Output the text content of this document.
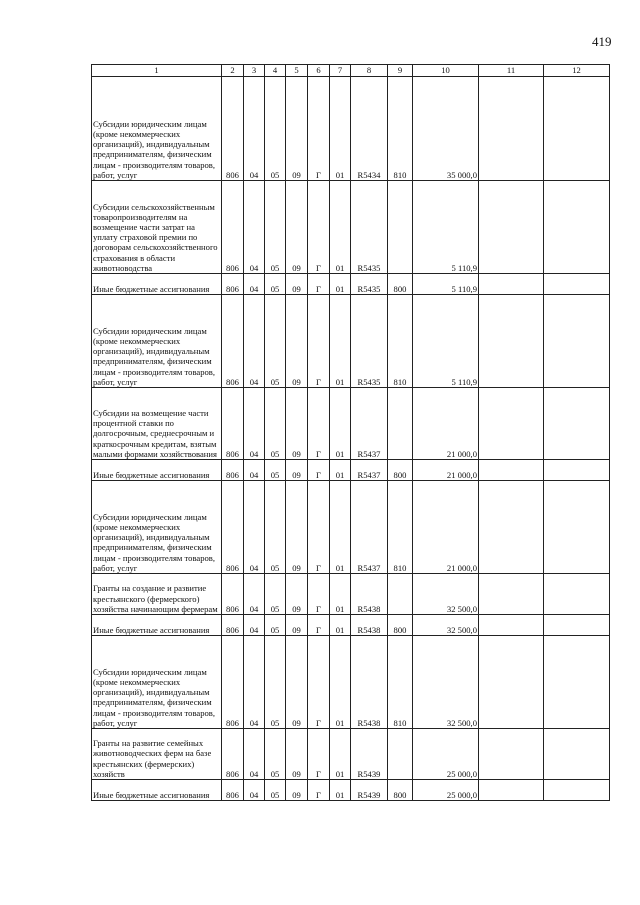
419
1	2	3	4	5	6	7	8	9	10	11	12
Субсидии юридическим лицам (кроме некоммерческих организаций), индивидуальным предпринимателям, физическим лицам - производителям товаров, работ, услуг	806	04	05	09	Г	01	R5434	810	35 000,0		
Субсидии сельскохозяйственным товаропроизводителям на возмещение части затрат на уплату страховой премии по договорам сельскохозяйственного страхования в области животноводства	806	04	05	09	Г	01	R5435		5 110,9		
Иные бюджетные ассигнования	806	04	05	09	Г	01	R5435	800	5 110,9		
Субсидии юридическим лицам (кроме некоммерческих организаций), индивидуальным предпринимателям, физическим лицам - производителям товаров, работ, услуг	806	04	05	09	Г	01	R5435	810	5 110,9		
Субсидии на возмещение части процентной ставки по долгосрочным, среднесрочным и краткосрочным кредитам, взятым малыми формами хозяйствования	806	04	05	09	Г	01	R5437		21 000,0		
Иные бюджетные ассигнования	806	04	05	09	Г	01	R5437	800	21 000,0		
Субсидии юридическим лицам (кроме некоммерческих организаций), индивидуальным предпринимателям, физическим лицам - производителям товаров, работ, услуг	806	04	05	09	Г	01	R5437	810	21 000,0		
Гранты на создание и развитие крестьянского (фермерского) хозяйства начинающим фермерам	806	04	05	09	Г	01	R5438		32 500,0		
Иные бюджетные ассигнования	806	04	05	09	Г	01	R5438	800	32 500,0		
Субсидии юридическим лицам (кроме некоммерческих организаций), индивидуальным предпринимателям, физическим лицам - производителям товаров, работ, услуг	806	04	05	09	Г	01	R5438	810	32 500,0		
Гранты на развитие семейных животноводческих ферм на базе крестьянских (фермерских) хозяйств	806	04	05	09	Г	01	R5439		25 000,0		
Иные бюджетные ассигнования	806	04	05	09	Г	01	R5439	800	25 000,0		
